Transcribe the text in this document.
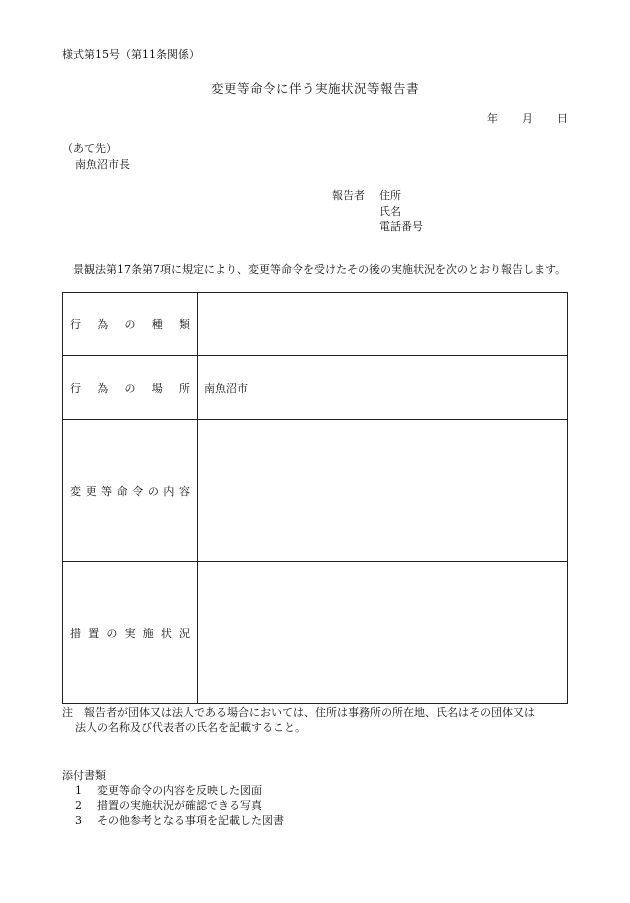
様式第15号（第11条関係）
変更等命令に伴う実施状況等報告書
年 月 日
（あて先）
南魚沼市長
報告者 住所
氏名
電話番号
景観法第17条第7項に規定により、変更等命令を受けたその後の実施状況を次のとおり報告します。
行為の種類	
行為の場所	南魚沼市
変更等命令の内容	
措置の実施状況	
注　報告者が団体又は法人である場合においては、住所は事務所の所在地、氏名はその団体又は
法人の名称及び代表者の氏名を記載すること。
添付書類
1 変更等命令の内容を反映した図面
2 措置の実施状況が確認できる写真
3 その他参考となる事項を記載した図書
